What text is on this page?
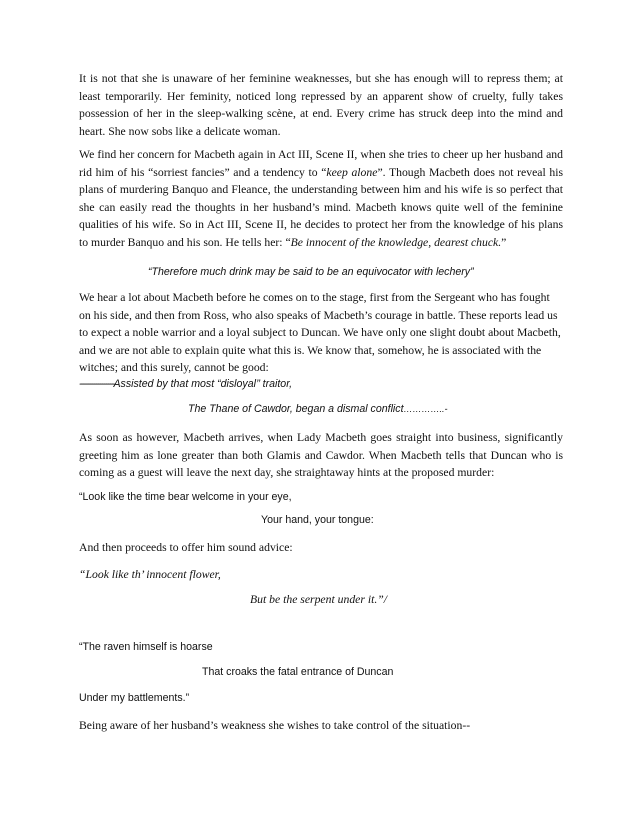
It is not that she is unaware of her feminine weaknesses, but she has enough will to repress them; at least temporarily. Her feminity, noticed long repressed by an apparent show of cruelty, fully takes possession of her in the sleep-walking scène, at end. Every crime has struck deep into the mind and heart. She now sobs like a delicate woman.

We find her concern for Macbeth again in Act III, Scene II, when she tries to cheer up her husband and rid him of his “sorriest fancies” and a tendency to “keep alone”. Though Macbeth does not reveal his plans of murdering Banquo and Fleance, the understanding between him and his wife is so perfect that she can easily read the thoughts in her husband’s mind. Macbeth knows quite well of the feminine qualities of his wife. So in Act III, Scene II, he decides to protect her from the knowledge of his plans to murder Banquo and his son. He tells her: “Be innocent of the knowledge, dearest chuck.”

“Therefore much drink may be said to be an equivocator with lechery”

We hear a lot about Macbeth before he comes on to the stage, first from the Sergeant who has fought on his side, and then from Ross, who also speaks of Macbeth’s courage in battle. These reports lead us to expect a noble warrior and a loyal subject to Duncan. We have only one slight doubt about Macbeth, and we are not able to explain quite what this is. We know that, somehow, he is associated with the witches; and this surely, cannot be good:

-----------------Assisted by that most “disloyal’’ traitor,
The Thane of Cawdor, began a dismal conflict…………..-

As soon as however, Macbeth arrives, when Lady Macbeth goes straight into business, significantly greeting him as lone greater than both Glamis and Cawdor. When Macbeth tells that Duncan who is coming as a guest will leave the next day, she straightaway hints at the proposed murder:

“Look like the time bear welcome in your eye,
Your hand, your tongue:
And then proceeds to offer him sound advice:
“Look like th’ innocent flower,
But be the serpent under it.”/
“The raven himself is hoarse
That croaks the fatal entrance of Duncan
Under my battlements.”
Being aware of her husband’s weakness she wishes to take control of the situation--
